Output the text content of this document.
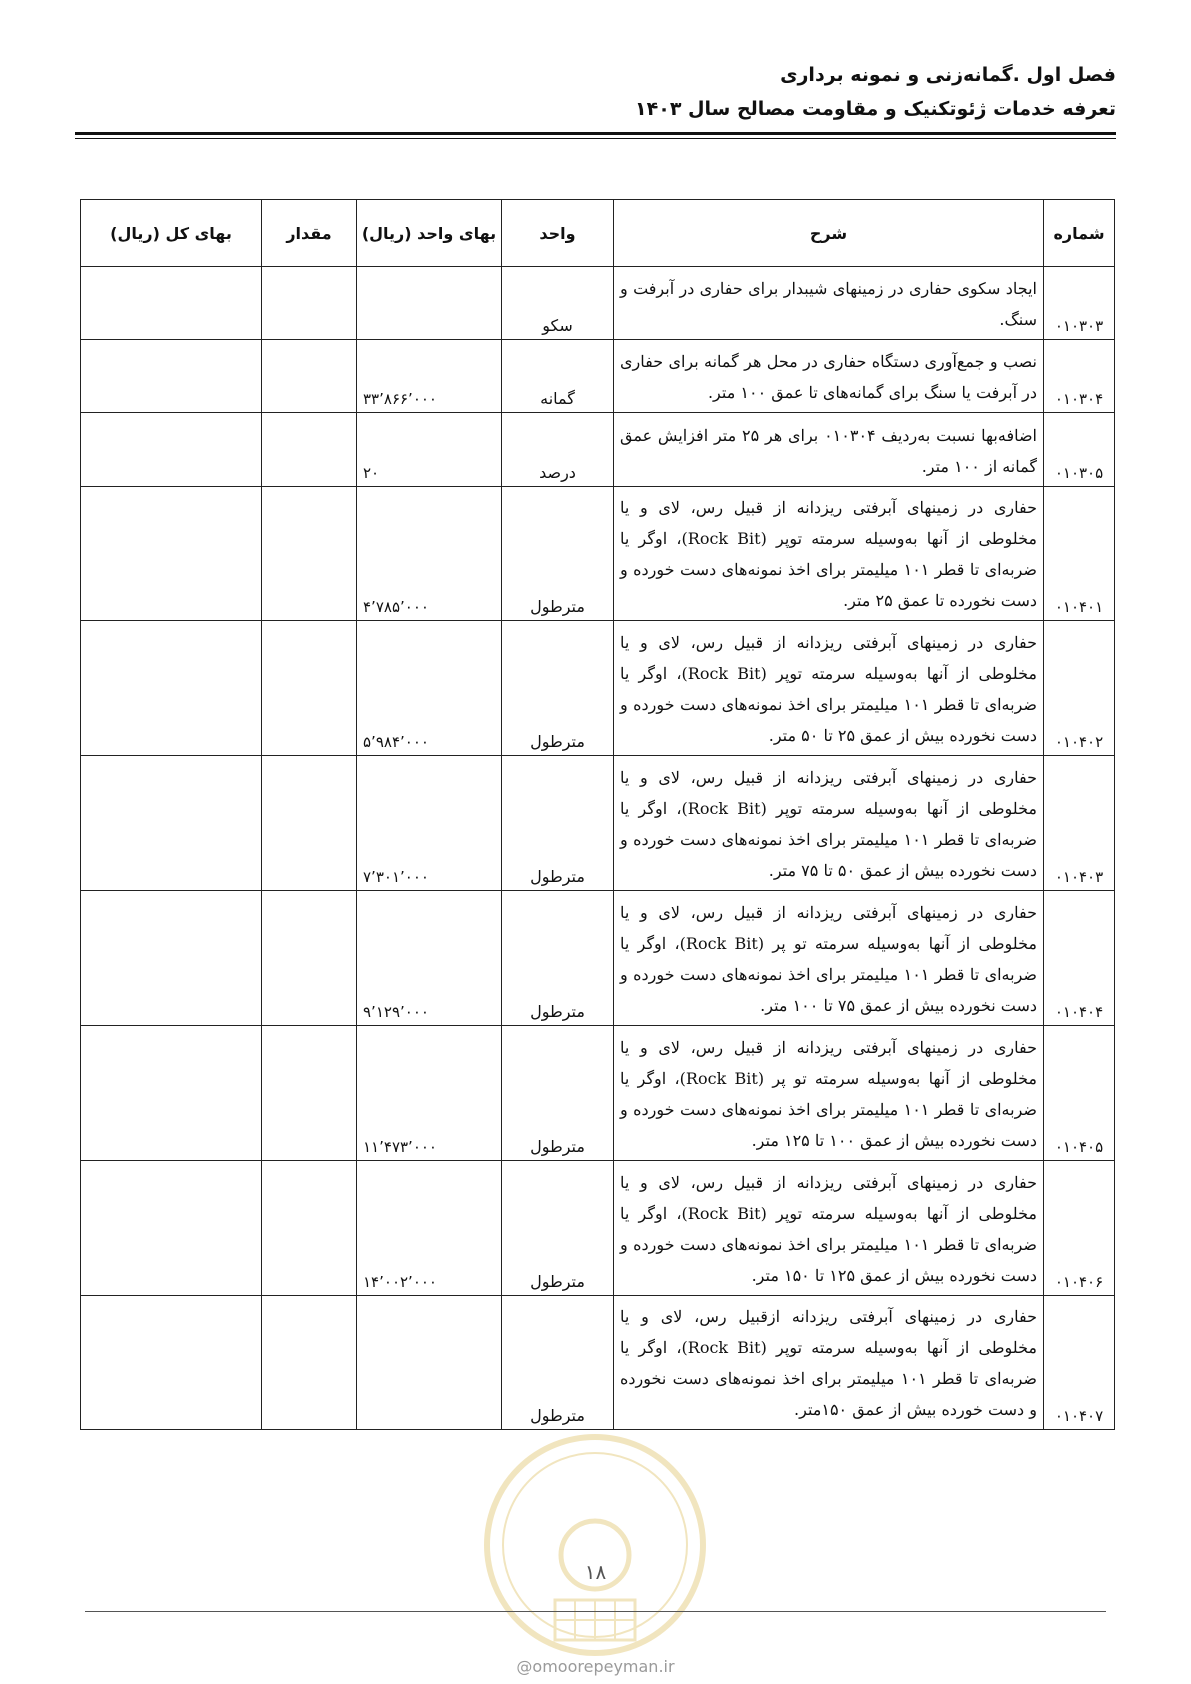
فصل اول .گمانه‌زنی و نمونه برداری
تعرفه خدمات ژئوتکنیک و مقاومت مصالح سال ۱۴۰۳
شماره	شرح	واحد	بهای واحد (ریال)	مقدار	بهای کل (ریال)
۰۱۰۳۰۳	ایجاد سکوی حفاری در زمینهای شیبدار برای حفاری در آبرفت و سنگ.	سکو			
۰۱۰۳۰۴	نصب و جمع‌آوری دستگاه حفاری در محل هر گمانه برای حفاری در آبرفت یا سنگ برای گمانه‌های تا عمق ۱۰۰ متر.	گمانه	۳۳٬۸۶۶٬۰۰۰		
۰۱۰۳۰۵	اضافه‌بها نسبت به‌ردیف ۰۱۰۳۰۴ برای هر ۲۵ متر افزایش عمق گمانه از ۱۰۰ متر.	درصد	۲۰		
۰۱۰۴۰۱	حفاری در زمینهای آبرفتی ریزدانه از قبیل رس، لای و یا مخلوطی از آنها به‌وسیله سرمته توپر (Rock Bit)، اوگر یا ضربه‌ای تا قطر ۱۰۱ میلیمتر برای اخذ نمونه‌های دست خورده و دست نخورده تا عمق ۲۵ متر.	مترطول	۴٬۷۸۵٬۰۰۰		
۰۱۰۴۰۲	حفاری در زمینهای آبرفتی ریزدانه از قبیل رس، لای و یا مخلوطی از آنها به‌وسیله سرمته توپر (Rock Bit)، اوگر یا ضربه‌ای تا قطر ۱۰۱ میلیمتر برای اخذ نمونه‌های دست خورده و دست نخورده بیش از عمق ۲۵ تا ۵۰ متر.	مترطول	۵٬۹۸۴٬۰۰۰		
۰۱۰۴۰۳	حفاری در زمینهای آبرفتی ریزدانه از قبیل رس، لای و یا مخلوطی از آنها به‌وسیله سرمته توپر (Rock Bit)، اوگر یا ضربه‌ای تا قطر ۱۰۱ میلیمتر برای اخذ نمونه‌های دست خورده و دست نخورده بیش از عمق ۵۰ تا ۷۵ متر.	مترطول	۷٬۳۰۱٬۰۰۰		
۰۱۰۴۰۴	حفاری در زمینهای آبرفتی ریزدانه از قبیل رس، لای و یا مخلوطی از آنها به‌وسیله سرمته تو پر (Rock Bit)، اوگر یا ضربه‌ای تا قطر ۱۰۱ میلیمتر برای اخذ نمونه‌های دست خورده و دست نخورده بیش از عمق ۷۵ تا ۱۰۰ متر.	مترطول	۹٬۱۲۹٬۰۰۰		
۰۱۰۴۰۵	حفاری در زمینهای آبرفتی ریزدانه از قبیل رس، لای و یا مخلوطی از آنها به‌وسیله سرمته تو پر (Rock Bit)، اوگر یا ضربه‌ای تا قطر ۱۰۱ میلیمتر برای اخذ نمونه‌های دست خورده و دست نخورده بیش از عمق ۱۰۰ تا ۱۲۵ متر.	مترطول	۱۱٬۴۷۳٬۰۰۰		
۰۱۰۴۰۶	حفاری در زمینهای آبرفتی ریزدانه از قبیل رس، لای و یا مخلوطی از آنها به‌وسیله سرمته توپر (Rock Bit)، اوگر یا ضربه‌ای تا قطر ۱۰۱ میلیمتر برای اخذ نمونه‌های دست خورده و دست نخورده بیش از عمق ۱۲۵ تا ۱۵۰ متر.	مترطول	۱۴٬۰۰۲٬۰۰۰		
۰۱۰۴۰۷	حفاری در زمینهای آبرفتی ریزدانه ازقبیل رس، لای و یا مخلوطی از آنها به‌وسیله سرمته توپر (Rock Bit)، اوگر یا ضربه‌ای تا قطر ۱۰۱ میلیمتر برای اخذ نمونه‌های دست نخورده و دست خورده بیش از عمق ۱۵۰متر.	مترطول			
۱۸
@omoorepeyman.ir
